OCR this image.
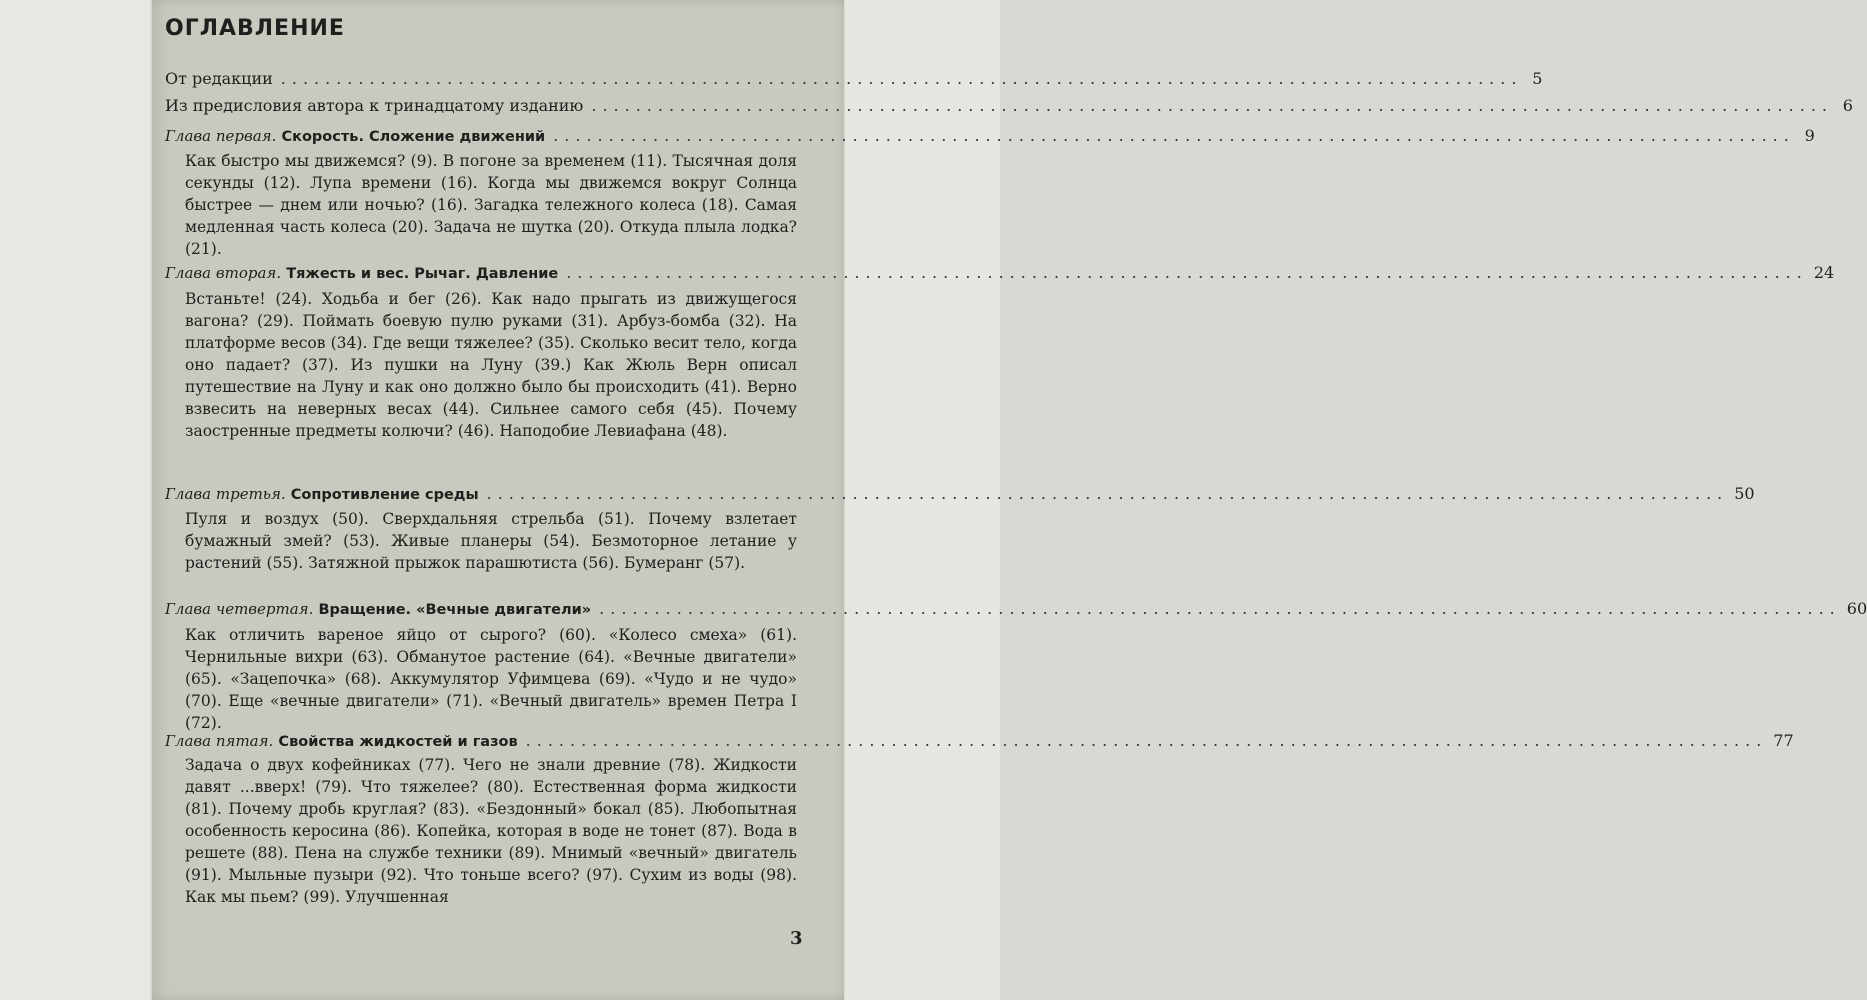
ОГЛАВЛЕНИЕ
От редакции ................................................................................................................ 5
Из предисловия автора к тринадцатому изданию ................................................................................................................ 6
Глава первая. Скорость. Сложение движений ................................................................................................................ 9

Как быстро мы движемся? (9). В погоне за временем (11). Тысячная доля секунды (12). Лупа времени (16). Когда мы движемся вокруг Солнца быстрее — днем или ночью? (16). Загадка тележного колеса (18). Самая медленная часть колеса (20). Задача не шутка (20). Откуда плыла лодка? (21).

Глава вторая. Тяжесть и вес. Рычаг. Давление ................................................................................................................ 24

Встаньте! (24). Ходьба и бег (26). Как надо прыгать из движущегося вагона? (29). Поймать боевую пулю руками (31). Арбуз-бомба (32). На платформе весов (34). Где вещи тяжелее? (35). Сколько весит тело, когда оно падает? (37). Из пушки на Луну (39.) Как Жюль Верн описал путешествие на Луну и как оно должно было бы происходить (41). Верно взвесить на неверных весах (44). Сильнее самого себя (45). Почему заостренные предметы колючи? (46). Наподобие Левиафана (48).

Глава третья. Сопротивление среды ................................................................................................................ 50

Пуля и воздух (50). Сверхдальняя стрельба (51). Почему взлетает бумажный змей? (53). Живые планеры (54). Безмоторное летание у растений (55). Затяжной прыжок парашютиста (56). Бумеранг (57).

Глава четвертая. Вращение. «Вечные двигатели» ................................................................................................................ 60

Как отличить вареное яйцо от сырого? (60). «Колесо смеха» (61). Чернильные вихри (63). Обманутое растение (64). «Вечные двигатели» (65). «Зацепочка» (68). Аккумулятор Уфимцева (69). «Чудо и не чудо» (70). Еще «вечные двигатели» (71). «Вечный двигатель» времен Петра I (72).

Глава пятая. Свойства жидкостей и газов ................................................................................................................ 77

Задача о двух кофейниках (77). Чего не знали древние (78). Жидкости давят ...вверх! (79). Что тяжелее? (80). Естественная форма жидкости (81). Почему дробь круглая? (83). «Бездонный» бокал (85). Любопытная особенность керосина (86). Копейка, которая в воде не тонет (87). Вода в решете (88). Пена на службе техники (89). Мнимый «вечный» двигатель (91). Мыльные пузыри (92). Что тоньше всего? (97). Сухим из воды (98). Как мы пьем? (99). Улучшенная

3
